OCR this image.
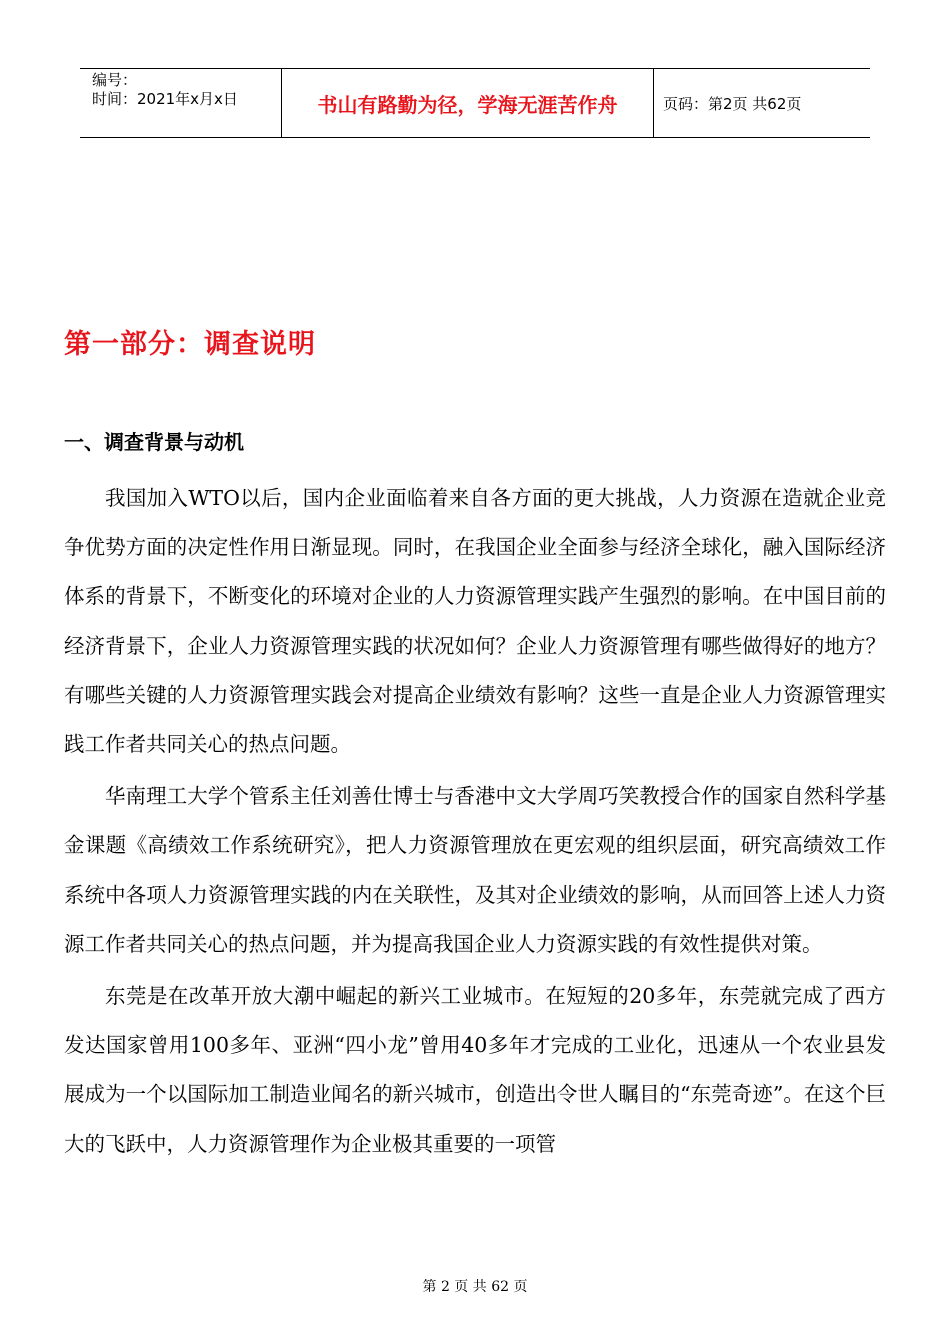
编号：
时间：2021年x月x日	书山有路勤为径，学海无涯苦作舟	页码：第2页 共62页
第一部分：调查说明
一、调查背景与动机

我国加入WTO以后，国内企业面临着来自各方面的更大挑战，人力资源在造就企业竞争优势方面的决定性作用日渐显现。同时，在我国企业全面参与经济全球化，融入国际经济体系的背景下，不断变化的环境对企业的人力资源管理实践产生强烈的影响。在中国目前的经济背景下，企业人力资源管理实践的状况如何？企业人力资源管理有哪些做得好的地方？有哪些关键的人力资源管理实践会对提高企业绩效有影响？这些一直是企业人力资源管理实践工作者共同关心的热点问题。

华南理工大学个管系主任刘善仕博士与香港中文大学周巧笑教授合作的国家自然科学基金课题《高绩效工作系统研究》，把人力资源管理放在更宏观的组织层面，研究高绩效工作系统中各项人力资源管理实践的内在关联性，及其对企业绩效的影响，从而回答上述人力资源工作者共同关心的热点问题，并为提高我国企业人力资源实践的有效性提供对策。

东莞是在改革开放大潮中崛起的新兴工业城市。在短短的20多年，东莞就完成了西方发达国家曾用100多年、亚洲“四小龙”曾用40多年才完成的工业化，迅速从一个农业县发展成为一个以国际加工制造业闻名的新兴城市，创造出令世人瞩目的“东莞奇迹”。在这个巨大的飞跃中，人力资源管理作为企业极其重要的一项管

第 2 页 共 62 页
